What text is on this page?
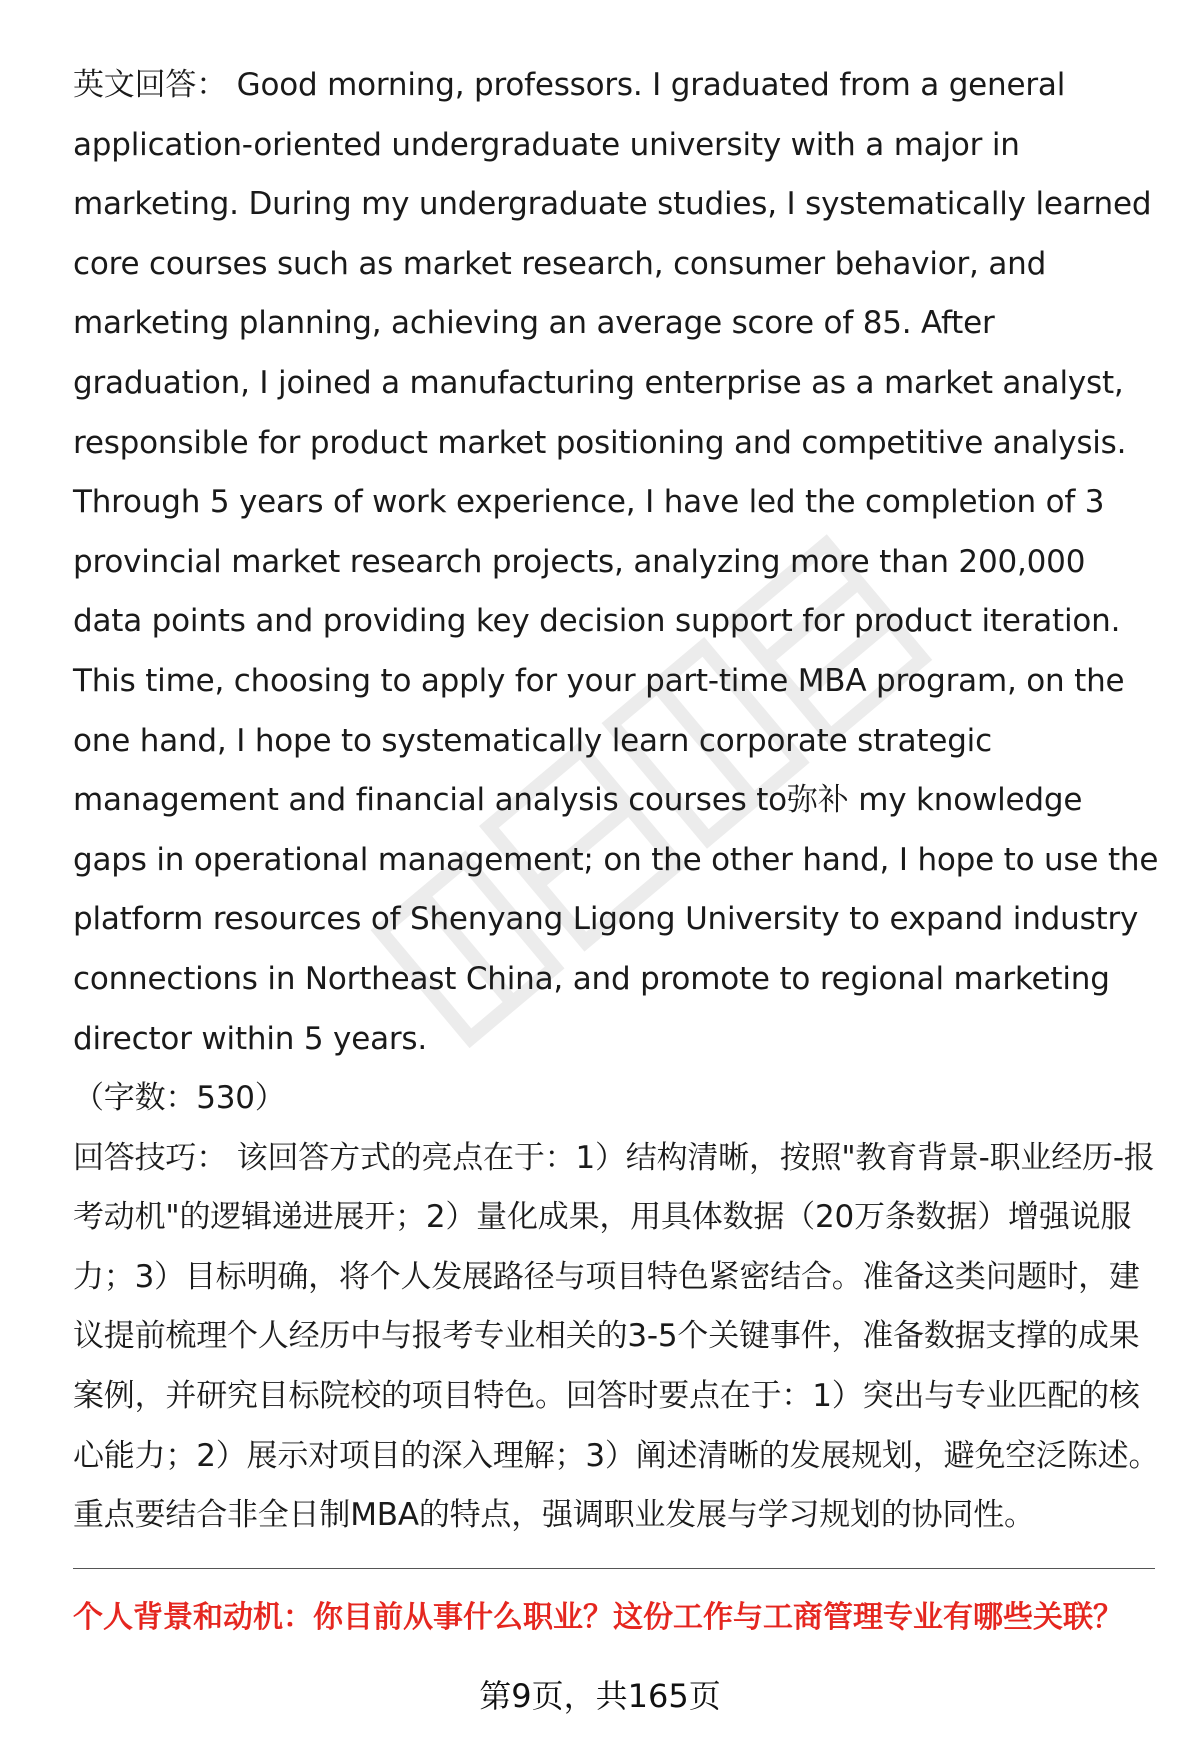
英文回答： Good morning, professors. I graduated from a general application-oriented undergraduate university with a major in marketing. During my undergraduate studies, I systematically learned core courses such as market research, consumer behavior, and marketing planning, achieving an average score of 85. After graduation, I joined a manufacturing enterprise as a market analyst, responsible for product market positioning and competitive analysis. Through 5 years of work experience, I have led the completion of 3 provincial market research projects, analyzing more than 200,000 data points and providing key decision support for product iteration. This time, choosing to apply for your part-time MBA program, on the one hand, I hope to systematically learn corporate strategic management and financial analysis courses to弥补 my knowledge gaps in operational management; on the other hand, I hope to use the platform resources of Shenyang Ligong University to expand industry connections in Northeast China, and promote to regional marketing director within 5 years.

（字数：530）

回答技巧： 该回答方式的亮点在于：1）结构清晰，按照"教育背景-职业经历-报考动机"的逻辑递进展开；2）量化成果，用具体数据（20万条数据）增强说服力；3）目标明确，将个人发展路径与项目特色紧密结合。准备这类问题时，建议提前梳理个人经历中与报考专业相关的3-5个关键事件，准备数据支撑的成果案例，并研究目标院校的项目特色。回答时要点在于：1）突出与专业匹配的核心能力；2）展示对项目的深入理解；3）阐述清晰的发展规划，避免空泛陈述。重点要结合非全日制MBA的特点，强调职业发展与学习规划的协同性。

个人背景和动机：你目前从事什么职业？这份工作与工商管理专业有哪些关联？
第9页，共165页
